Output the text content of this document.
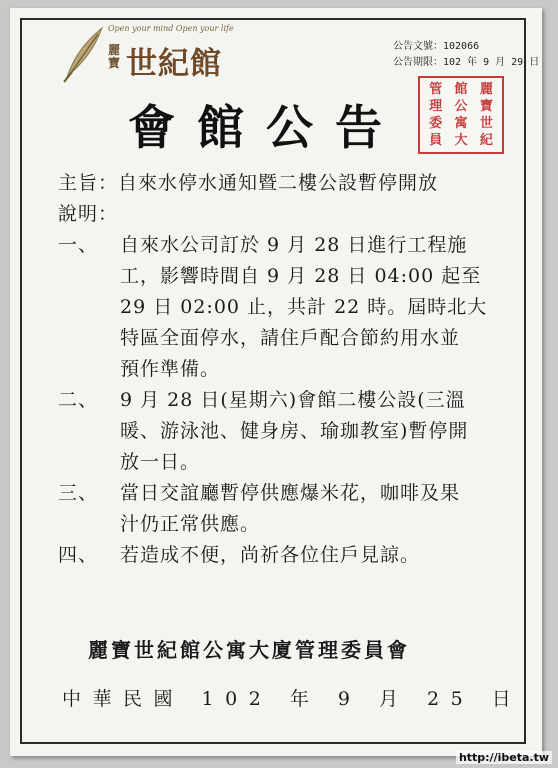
Open your mind Open your life
麗寶 世紀館	公告文號：102066
公告期限：102 年 9 月 29 日
會館公告
管
理
委
員
館
公
寓
大
麗
寶
世
紀
主旨：自來水停水通知暨二樓公設暫停開放
說明：
一、 自來水公司訂於 9 月 28 日進行工程施
工，影響時間自 9 月 28 日 04:00 起至
29 日 02:00 止，共計 22 時。屆時北大
特區全面停水，請住戶配合節約用水並
預作準備。
二、 9 月 28 日(星期六)會館二樓公設(三溫
暖、游泳池、健身房、瑜珈教室)暫停開
放一日。
三、 當日交誼廳暫停供應爆米花，咖啡及果
汁仍正常供應。
四、 若造成不便，尚祈各位住戶見諒。
麗寶世紀館公寓大廈管理委員會
中華民國 102 年 9 月 25 日
http://ibeta.tw
